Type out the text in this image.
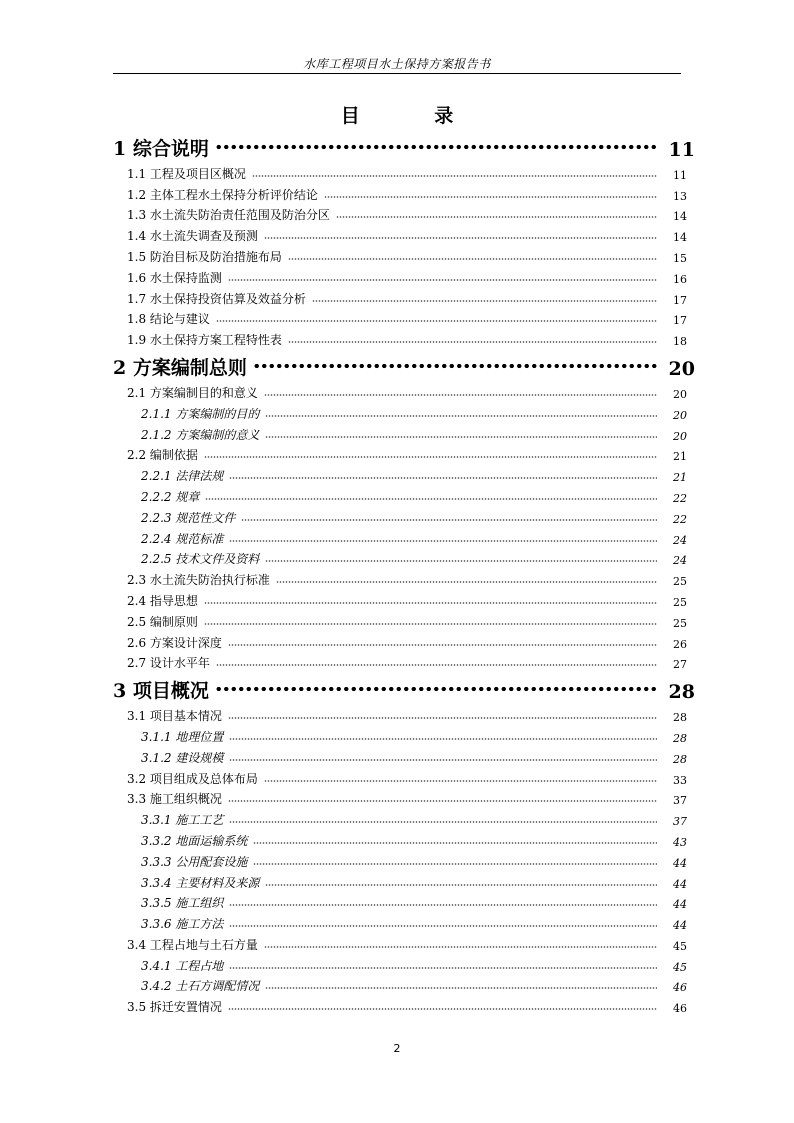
水库工程项目水土保持方案报告书
目 录
1 综合说明	11
1.1 工程及项目区概况	11
1.2 主体工程水土保持分析评价结论	13
1.3 水土流失防治责任范围及防治分区	14
1.4 水土流失调查及预测	14
1.5 防治目标及防治措施布局	15
1.6 水土保持监测	16
1.7 水土保持投资估算及效益分析	17
1.8 结论与建议	17
1.9 水土保持方案工程特性表	18
2 方案编制总则	20
2.1 方案编制目的和意义	20
2.1.1 方案编制的目的	20
2.1.2 方案编制的意义	20
2.2 编制依据	21
2.2.1 法律法规	21
2.2.2 规章	22
2.2.3 规范性文件	22
2.2.4 规范标准	24
2.2.5 技术文件及资料	24
2.3 水土流失防治执行标准	25
2.4 指导思想	25
2.5 编制原则	25
2.6 方案设计深度	26
2.7 设计水平年	27
3 项目概况	28
3.1 项目基本情况	28
3.1.1 地理位置	28
3.1.2 建设规模	28
3.2 项目组成及总体布局	33
3.3 施工组织概况	37
3.3.1 施工工艺	37
3.3.2 地面运输系统	43
3.3.3 公用配套设施	44
3.3.4 主要材料及来源	44
3.3.5 施工组织	44
3.3.6 施工方法	44
3.4 工程占地与土石方量	45
3.4.1 工程占地	45
3.4.2 土石方调配情况	46
3.5 拆迁安置情况	46
2
